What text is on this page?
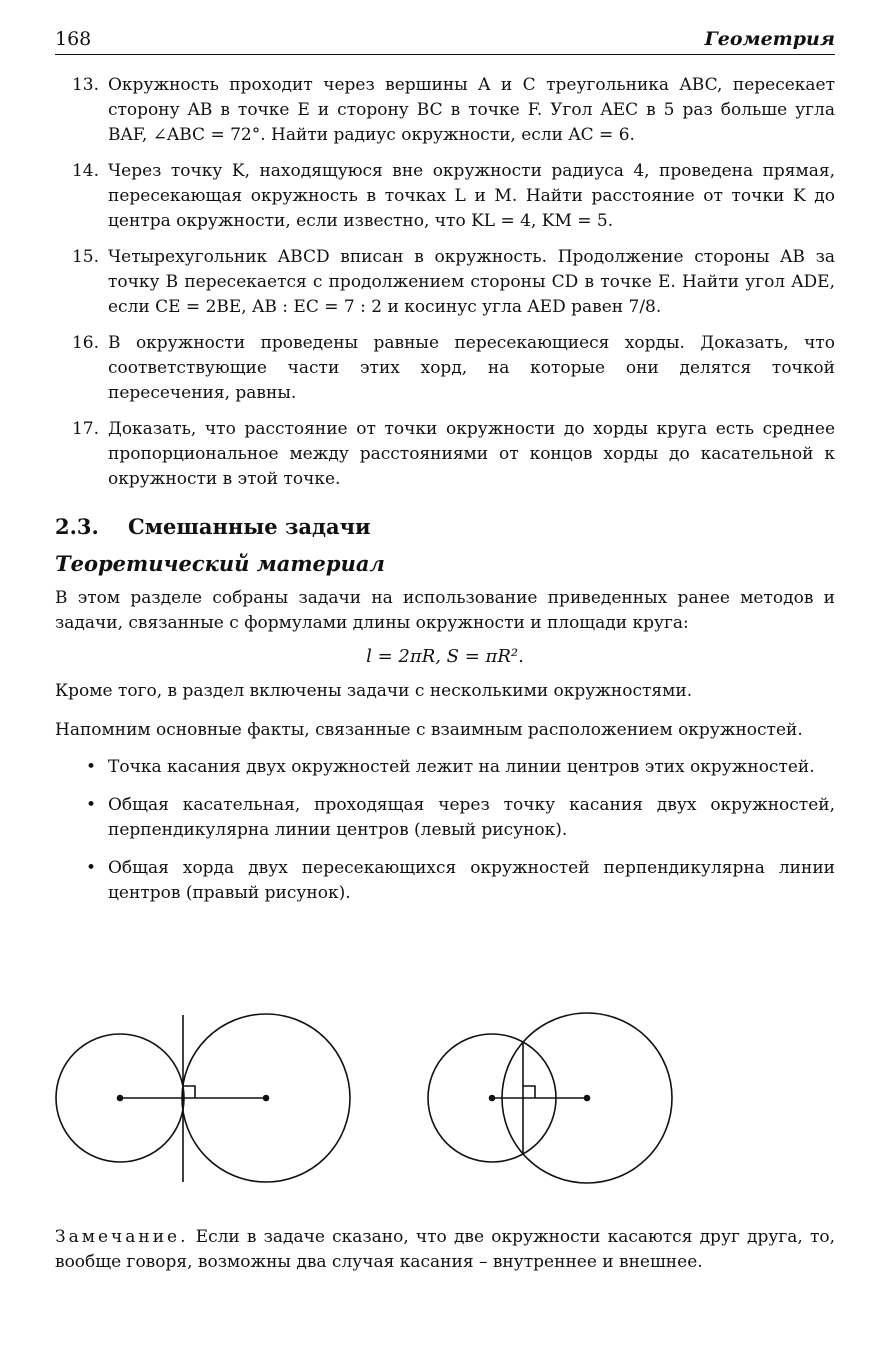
168	Геометрия
13. Окружность проходит через вершины A и C треугольника ABC, пересекает сторону AB в точке E и сторону BC в точке F. Угол AEC в 5 раз больше угла BAF, ∠ABC = 72°. Найти радиус окружности, если AC = 6.
14. Через точку K, находящуюся вне окружности радиуса 4, проведена прямая, пересекающая окружность в точках L и M. Найти расстояние от точки K до центра окружности, если известно, что KL = 4, KM = 5.
15. Четырехугольник ABCD вписан в окружность. Продолжение стороны AB за точку B пересекается с продолжением стороны CD в точке E. Найти угол ADE, если CE = 2BE, AB : EC = 7 : 2 и косинус угла AED равен 7/8.
16. В окружности проведены равные пересекающиеся хорды. Доказать, что соответствующие части этих хорд, на которые они делятся точкой пересечения, равны.
17. Доказать, что расстояние от точки окружности до хорды круга есть среднее пропорциональное между расстояниями от концов хорды до касательной к окружности в этой точке.
2.3.	Смешанные задачи
Теоретический материал
В этом разделе собраны задачи на использование приведенных ранее методов и задачи, связанные с формулами длины окружности и площади круга:
l = 2πR, S = πR².
Кроме того, в раздел включены задачи с несколькими окружностями.
Напомним основные факты, связанные с взаимным расположением окружностей.
• Точка касания двух окружностей лежит на линии центров этих окружностей.
• Общая касательная, проходящая через точку касания двух окружностей, перпендикулярна линии центров (левый рисунок).
• Общая хорда двух пересекающихся окружностей перпендикулярна линии центров (правый рисунок).
Замечание. Если в задаче сказано, что две окружности касаются друг друга, то, вообще говоря, возможны два случая касания – внутреннее и внешнее.
